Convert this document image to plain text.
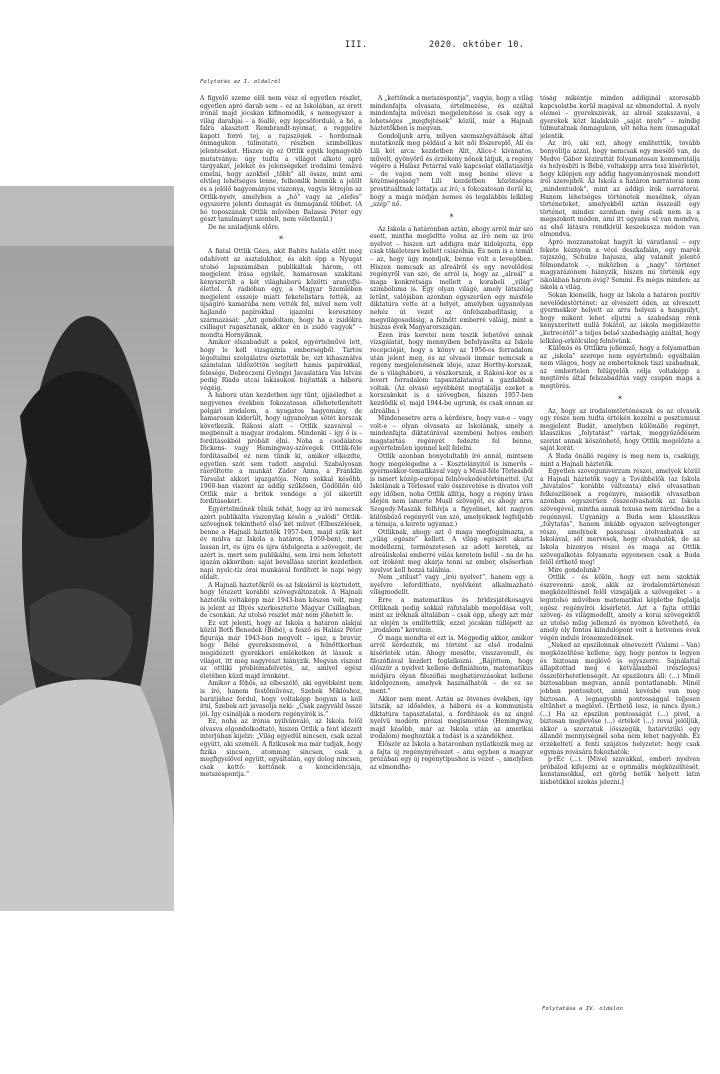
III.	2020. október 10.
Folytatás az I. oldalról

A figyelő szeme elől nem vész el egyetlen részlet, egyetlen apró darab sem – ez az Iskolában, az érett írónál majd jócskán kifinomodik, s nemegyszer a világ darabjai – a fóallé, egy lépcsőforduló, a hó, a falra akasztott Rembrandt-nyomat, a reggelire kapott forró tej, a rajzszögek – hordoznak önmagukon túlmutató, részben szimbolikus jelentéseket. Hiszen ép ez Ottlik egyik legnagyobb mutatványa: úgy tudta a világot alkotó apró tárgyakat, jeleket és jelenségeket irodalmi témává emelni, hogy azokból „több” áll össze, mint ami elvileg lehetséges lenne, felbomlik bennük a jelölt és a jelölő hagyományos viszonya, vagyis létrejön az Ottlik-nyelv, amelyben a „hó” vagy az „elefes” egyszerre jelenti önmagát és önmagánál többet. (A hó toposzának Ottlik művében Balassa Péter egy gészt tanulmányt szentelt, nem véletlenül.)

De ne szaladjunk előre.

*

A fiatal Ottlik Géza, akit Babits halála előtt még odahívott az asztalukhoz, és akit épp a Nyugat utolsó lapszámában publikáltak három, ott megjelent írása egyikét, hamarosan szakítani kényszerült a két világháború közötti aranyifjú-élettel. A rádióban egy, a Magyar Szemlében megjelent esszéje miatt feketelistára tették, az újságíró kamarába nem vették fel, mivel nem volt hajlandó papírokkal igazolni keresztény származását: „Azt gondoltam, hogy ha a zsidókra csillagot ragasztanak, akkor én is zsidó vagyok” – mondta Hornyiknak.

Amikor elszabadult a pokol, egyértelművé lett, hogy le kell vizsgáznia emberségből. Tartós légoltalmi szolgálatra osztották be, ezt kihasználva számtalan üldözöttön segített hamis papírokkal, felesége, Debreczeni Gyöngyi Javaslatára Vas István pedig Riado utcai lakásukon bújtatták a háború végéig.

A háború után kezdetben úgy tűnt, újjáéledhet a negyvenes években fokozatosan ellehetetlenített polgári irodalom, a nyugatos hagyomány, de hamarosan kiderült, hogy ugyanolyan sötét korszak következik. Rákosi alatt – Ottlik szavaival – megbénult a magyar irodalom. Mindenki – így ő is – fordításokból próbált élni. Noha a csodálatos Dickens- vagy Hemingway-szövegek Ottlik-féle fordításaiból ez nem tűnik ki, amikor elkezdte, egyetlen szót sem tudott angolul. Szabályosan ráerőltette a munkát Zádor Anna, a Franklin Társulat akkori igazgatója. Nem sokkal később, 1960-ban viszont az addig szűkösen, Gödöllőn élő Ottlik már a britek vendége a jól sikerült fordításokért.

Egyértelműnek tűnik tehát, hogy az író nemcsak azért publikálta viszonylag későn a „valódi” Ottlik-szövegnek tekinthető első két művet (Elbeszélések, benne a Hajnali háztetők 1957-ben, majd szűk két év múlva az Iskola a határon, 1959-ben), mert lassan írt, és újra és újra átdolgozta a szövegeit, de azért is, mert sem publikálni, sem írni nem lehetett igazán akkoriban: saját bevallása szerint kezdetben napi nyolc-tíz órai munkával fordított le napi négy oldalt.

A Hajnali háztetőkről és az Iskoláról is köztudott, hogy létezett korábbi szövegváltozatok. A Hajnali háztetők voltaképp már 1943-ban készen volt, meg is jelent az Illyés szerkesztette Magyar Csillagban, de csonkán. Az utolsó részlet már nem jöhetett le.

Ez ezt jelenti, hogy az Iskola a határon alakjai közül Both Benedek (Bébé), a fesző és Halász Péter figurája már 1943-ban megvolt – igaz, a bravúr, hogy Bébé gyerekszemével, a felnőttkorban megidézett gyerekkori emlékeiken át lássuk a világot, itt még nagyrészt hiányzik. Megvan viszont az ottliki problémafelvetés, az, amivel egész életében küzd majd írónként.

Amikor a főhős, az elbeszélő, aki egyébként nem is író, hanem festőművész, Szebek Miklóshoz, barátjához fordul, hogy voltaképp hogyan is kell írni, Szebek azt javasolja neki: „Csak zagyváld össze jól. Így csinálják a modern regényírók is.”

Ez, noha az irónia nyilvánvaló, az Iskola felől olvasva elgondolkodtató, hiszen Ottlik a fent idézett interjúban kijelzi: „Világ egyedül nincsen, csak azzal együtt, aki személi. A fizikusok ma már tudják, hogy fizika sincsen, atommag sincsen, csak a megfigyelővel együtt, egyáltalán, egy dolog nincsen, csak kettő: kettőnek a koincidenciája, metszéspontja.”

A „kettőnek a metszéspontja”, vagyis, hogy a világ mindenfajta olvasata, értelmezése, és ezáltal mindenfajta művészi megjelenítése is csak egy a lehetséges „megfejtések” közül, már a Hajnali háztetőkben is megvan.

Gondoljunk arra, milyen szemszögváltások által mutatkozik meg például a két női főszereplő, Ali és Lili két arca: kezdetben Alit, Alice-t kívánatos, művelt, gyönyörű és érzékeny nőnek látjuk, a regény végére a Halász Petárral való kapcsolat elállatiasítja – de vajon nem volt meg benne eleve a közönségesség? Lili kezdetben közönséges prostituáltnak láttatja az író, s fokozatosan derül ki, hogy a maga módján nemes és legalábbis lelkileg „szép” nő.

*

Az Iskola a határonban aztán, ahogy arról már szó esett, mintha megleltte volna az író nem az írói nyelvet – hiszen azt addigra már kidolgozta, épp csak tökéletesre kellett csiszolnia. És nem is a témát – az, hogy úgy mondjuk, benne volt a levegőben. Hiszen nemcsak az alreálról és egy nevelődési regényről van szó, de arról is, hogy az „alreál” a maga konkrétsága mellett a korabeli „világ” szimbóluma is. Egy olyan világé, amely látszólag letűnt, valójában azonban egyszerűen egy másféle diktatúra vette át a helyét, amelyben ugyanolyan nehéz út vezet az önfelszabadításig, a megvilágosodásig, a felnőtt emberré váláig, mint a húszas évek Magyarországán.

Ezen írás keretei nem teszik lehetővé annak vizsgálatát, hogy mennyiben befolyásolta az Iskola recepcióját, hogy a könyv az 1956-os forradalom után jelent meg, és az olvasói immár nemcsak a regény megjelenésének ideje, azaz Horthy-korszak, de a világháború, a vészkorszak, a Rákosi-kor és a levert forradalom tapasztalataival a gazdabbak voltak. (Az olvasó egyébként megtalálja ezeket a korszakokat is a szövegben, hiszen 1957-ben kezdődik el, majd 1944-be ugrunk, és csak onnan az alreálba.)

Mindenesetre arra a kérdésre, hogy van-e – vagy volt-e – olyan olvasata az Iskolának, amely a mindenfajta diktatúrával szembeni helyes emberi magatartás regényét fedezte fel benne, egyértelműen igennel kell felelni.

Ottlik azonban bonyolultabb író annál, mintsem hogy megelégedne a – Kosztolányitól is ismerős – gyermekkor-tematikával vagy a Musil-féle Törlessből is ismert közép-európai felnövekedéstörténettel. (Az Iskolának a Törlessel való összevetése is divatos volt egy időben, noha Ottlik állítja, hogy a regény írása idején nem ismerte Musil szövegét, és ahogy arra Szegedy-Maszák felhívja a figyelmet, két nagyon különböző regényről van szó, amelyeknek legfeljebb a témája, a kerete ugyanaz.)

Ottliknak, ahogy azt ő maga megfogalmazta, a „világ egésze” kellett. A világ egészét akarta modellezni, természetesen az adott keretek, az alreáliskolai emberré válás keretein belül – na de ha ezt íróként meg akarja tenni az ember, elsősorban nyelvet kell hozzá találnia.

Nem „stílust” vagy „írói nyelvet”, hanem egy a nyelvre lefordítható, nyelvként alkalmazható világmodellt.

Erre a matematikus és bridzsjátékosagyú Ottliknak pedig sokkal ráfutalabb megoldása volt, mint az íróknak általában – csak épp, ahogy azt már az elején is említettük, ezzel jócskán túllépett az „irodalom” keretein.

Ő maga mondta el ezt is. Mégpedig akkor, amikor arról kérdezték, mi történt az első irodalmi kísérletek után. Ahogy mesélte, visszavonult, és filozófiával kezdett foglalkozni. „Rájöttem, hogy először a nyelvet kellene definiálnom, matematikus módjára olyan filozófiai meghatározásokat kellene kidolgoznom, amelyek használhatók – de ez se ment.”

Akkor nem ment. Aztán az ötvenes években, így látszik, az idősödés, a háború és a kommunista diktatúra tapasztalatai, a fordítások és az angol nyelvű modern prózai megismerése (Hemingway, majd később, már az Iskola után az amerikai irodalom) meghozták a tudást is a szándékhoz.

Először az Iskola a határonban nyilatkozik meg az a fajta új regénynyelvezet – ami egyben a magyar prózában egy új regénytípushoz is vezet –, amelyben az elmondha-

tóság mikéntje minden addiginál szorosabb kapcsolatba kerül magával az elmondottal. A nyelv elemei – gyerekszavak, az alreál szakszavai, a gyerekek közt kialakuló „saját nyelv” – mindig túlmutatnak önmagukon, sőt néha nem önmagukat jelentik.

Az író, aki ezt, ahogy említettük, tovább bonyolítja azzal, hogy nemcsak egy mesélő van, de Medve Gábor kézirattát folyamatosan kommentálja és helyesbíti is Bébé, voltaképp arra tesz kísérletet, hogy kilépjen egy addig hagyományosnak mondott írói szerepből. Az Iskola a határon narrátorai nem „mindentudók”, mint az addigi írók narrátorai. Hanem lehetséges történetek mesélnek, olyan történeteket, amelyekből aztán összeáll egy történet, mindez azonban még csak nem is a megszokott módon, ami itt ugyanis el van mondva, az első látásra rendkívül keszekusza módon van elmondva.

Apró mozzanatokat hagyit ki váratlanul – egy fekete kéznyom a vécé deszkafalán, egy marék rajzszög, Schulze bajusza, alig valamit jelentő félmondatok –, miközben a „nagy” történet magyarázónem hiányzik, hiszen mi történik egy iskolában három évig? Semmi. És mégis minden: az iskola a világ.

Sokan kiemelik, hogy az Iskola a határon pozitív nevelődéstörténet: az elveszett éden, az elveszett gyermekkor helyett az arra helyezi a hangsúlyt, hogy miként lehet eljutni a szabadság rénk kényszerített nullá fokától, az iskola megidézette „ketrecétől” a teljes belső szabadságig azáltal, hogy lelkileg-erkölcsileg felnövünk.

Különös és Ottlikra jellemző, hogy a folyamatban az „iskola” szerepe nem egyértelmű: egyáltalán nem világos, hogy az emberteknek tiszi szabadnak, az embertelen felügyelők célja voltaképp a megtörés által felszabadítás vagy csupán maga a megtörés.

*

Az, hogy az irodalomtörténészek és az olvasók egy része nem tudta értékén kezelni a posztumusz megjelent Budát, amelyben különálló regényt, klasszikus „folytatást” vártak, meggyőződésem szerint annak köszönhető, hogy Ottlik megelőzte a saját korát.

A Buda önálló regény is meg nem is, csakúgy, mint a Hajnali háztetők.

Egyetlen szóveguniverzum részei, amelyek közül a Hajnali háztetők vagy a Továbbélők (az Iskola „hivatalos” korábbi változata) első olvasatban felkészülések a regényre, második olvasatban azonban egyszerűen összeolvashatók az Iskola szövegével, mintha annak texusa nem záródna be a regénnyel. Ugyanígy a Buda sem klasszikus „folytatás”, hanem inkább egyazon szövegtenger része, amelynek passzusai átolvashatók az Iskolával, sőt mervesek, hogy olvashatók, de az Iskola bizonyos részei és maga az Ottlik szövegalkotás folyamata egyenesen csak a Buda felől érthető meg!

Mire gondolunk?

Ottlik – és kölön, hogy ezt nem szokták észrevenni azok, akik az irodalomtörténészi megközelítésnél felől vizsgálják a szövegeket – a legutolsó művében matematikai képletbe foglalja egész regényírói kísérletét. Azt a fajta ottliki szöveg- és világmodellt, amely a korai szövegektől az utolsó műig jellemző és nyomon követhető, és amely oly fontos kiindulópont volt a hetvenes évek végén induló írónemzedéknek.

„Neked az epszilonnak elnevezett (Valami – Van) megközelítése kellene, úgy, hogy pontos is legyen és biztosan meglévő is egyszerre. Sajnálattal állapítottad meg e kétválaszból (részleges) összeférhetetlenségét. Az epszilonra áll: (...) Minél biztosabban megvan, annál pontatlanabb. Minél jobban pontosított, annál kevésbé van meg biztosan. A legnagyobb pontossággal teljesen eltűnhet a meglévő. (Érthető lesz, ie nincs ilyen.) (...) Ha az epszilon pontosságát (...) pivel, a biztosan meglevőse (...) értékét (...) rovai jelöljük, akkor a szorzatuk (összegük, határvizük) egy állandó mennyiségnél soha nem lehet nagyobb. Ez érzékeltetí a fenti szájátos helyzetet: hogy csak egymás rovására fokozhatók:

p·rÉc (...). [Mivel szavakkal, emberi nyelven próbálod kifejezni az e optimális mégközelítését, konstansokkal, ezt görög betűk helyett latin kisbetűkkel szokás jelezni.]

Folytatása a IV. oldalon
